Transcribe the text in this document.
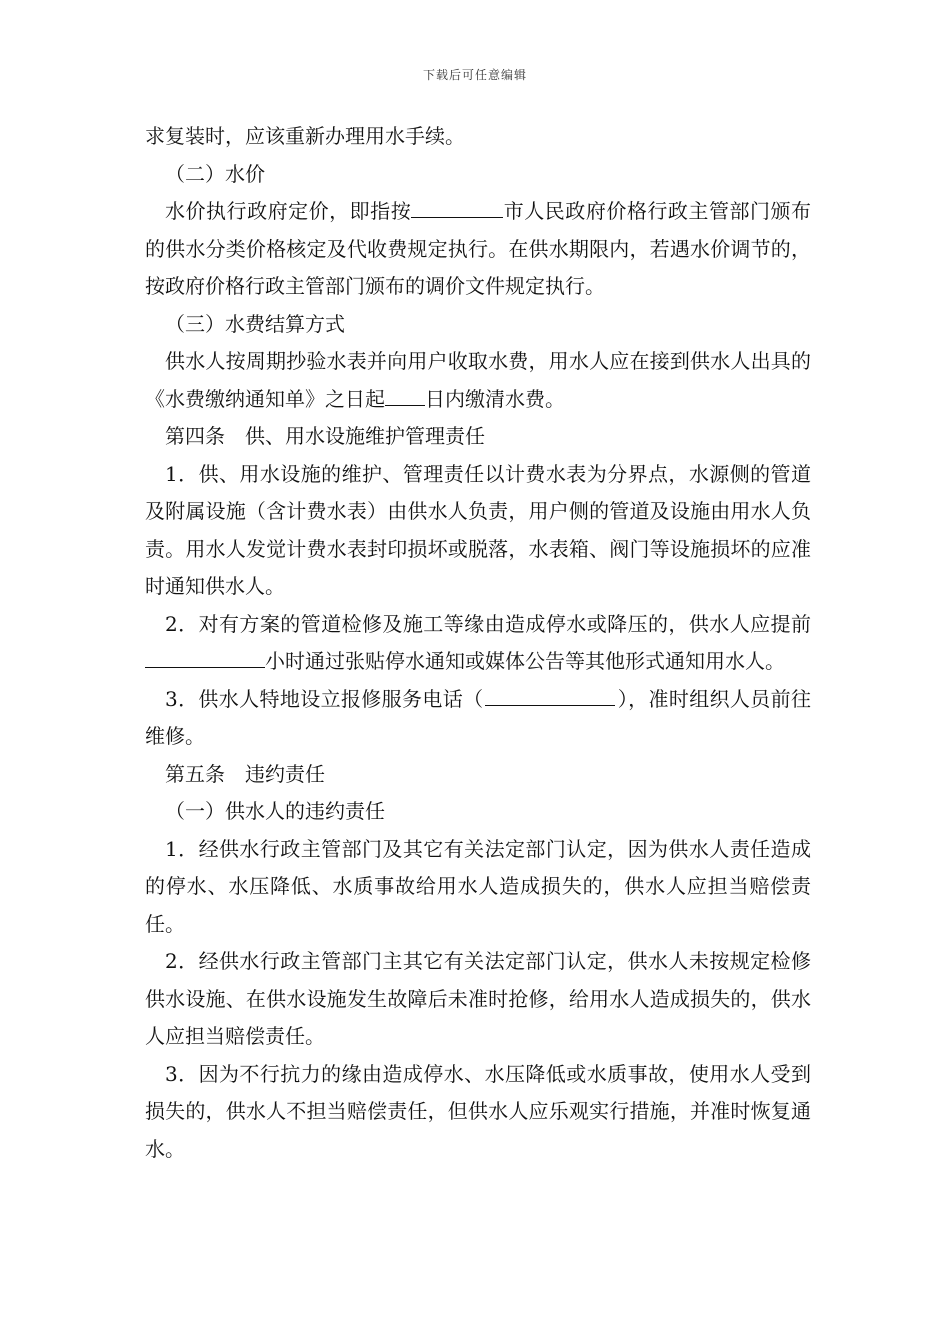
下载后可任意编辑

求复装时，应该重新办理用水手续。

（二）水价

水价执行政府定价，即指按	市人民政府价格行政主管部门颁布的供水分类价格核定及代收费规定执行。在供水期限内，若遇水价调节的，按政府价格行政主管部门颁布的调价文件规定执行。

（三）水费结算方式

供水人按周期抄验水表并向用户收取水费，用水人应在接到供水人出具的《水费缴纳通知单》之日起 日内缴清水费。

第四条　供、用水设施维护管理责任

1．供、用水设施的维护、管理责任以计费水表为分界点，水源侧的管道及附属设施（含计费水表）由供水人负责，用户侧的管道及设施由用水人负责。用水人发觉计费水表封印损坏或脱落，水表箱、阀门等设施损坏的应准时通知供水人。

2．对有方案的管道检修及施工等缘由造成停水或降压的，供水人应提前小时通过张贴停水通知或媒体公告等其他形式通知用水人。

3．供水人特地设立报修服务电话（	），准时组织人员前往维修。

第五条　违约责任

（一）供水人的违约责任

1．经供水行政主管部门及其它有关法定部门认定，因为供水人责任造成的停水、水压降低、水质事故给用水人造成损失的，供水人应担当赔偿责任。

2．经供水行政主管部门主其它有关法定部门认定，供水人未按规定检修供水设施、在供水设施发生故障后未准时抢修，给用水人造成损失的，供水人应担当赔偿责任。

3．因为不行抗力的缘由造成停水、水压降低或水质事故，使用水人受到损失的，供水人不担当赔偿责任，但供水人应乐观实行措施，并准时恢复通水。
